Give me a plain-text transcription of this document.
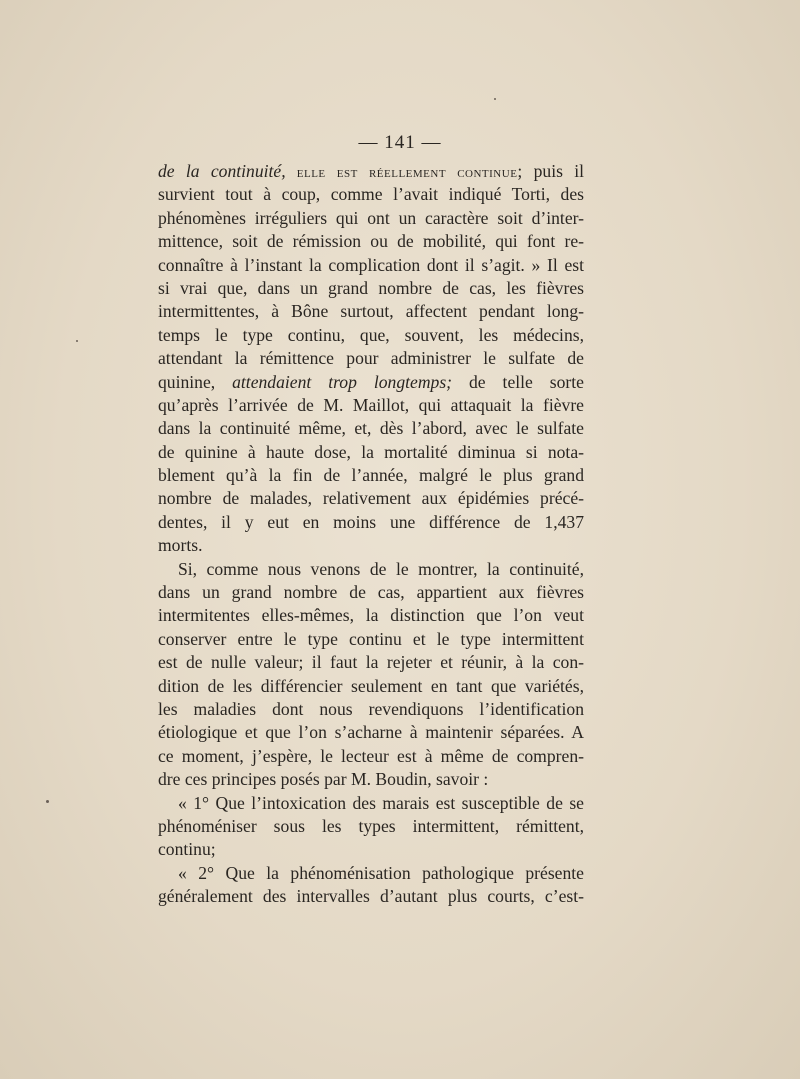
— 141 —
de la continuité, elle est réellement continue; puis il
survient tout à coup, comme l’avait indiqué Torti, des
phénomènes irréguliers qui ont un caractère soit d’inter-
mittence, soit de rémission ou de mobilité, qui font re-
connaître à l’instant la complication dont il s’agit. » Il est
si vrai que, dans un grand nombre de cas, les fièvres
intermittentes, à Bône surtout, affectent pendant long-
temps le type continu, que, souvent, les médecins,
attendant la rémittence pour administrer le sulfate de
quinine, attendaient trop longtemps; de telle sorte
qu’après l’arrivée de M. Maillot, qui attaquait la fièvre
dans la continuité même, et, dès l’abord, avec le sulfate
de quinine à haute dose, la mortalité diminua si nota-
blement qu’à la fin de l’année, malgré le plus grand
nombre de malades, relativement aux épidémies précé-
dentes, il y eut en moins une différence de 1,437
morts.
Si, comme nous venons de le montrer, la continuité,
dans un grand nombre de cas, appartient aux fièvres
intermitentes elles-mêmes, la distinction que l’on veut
conserver entre le type continu et le type intermittent
est de nulle valeur; il faut la rejeter et réunir, à la con-
dition de les différencier seulement en tant que variétés,
les maladies dont nous revendiquons l’identification
étiologique et que l’on s’acharne à maintenir séparées. A
ce moment, j’espère, le lecteur est à même de compren-
dre ces principes posés par M. Boudin, savoir :
« 1° Que l’intoxication des marais est susceptible de se
phénoméniser sous les types intermittent, rémittent,
continu;
« 2° Que la phénoménisation pathologique présente
généralement des intervalles d’autant plus courts, c’est-
